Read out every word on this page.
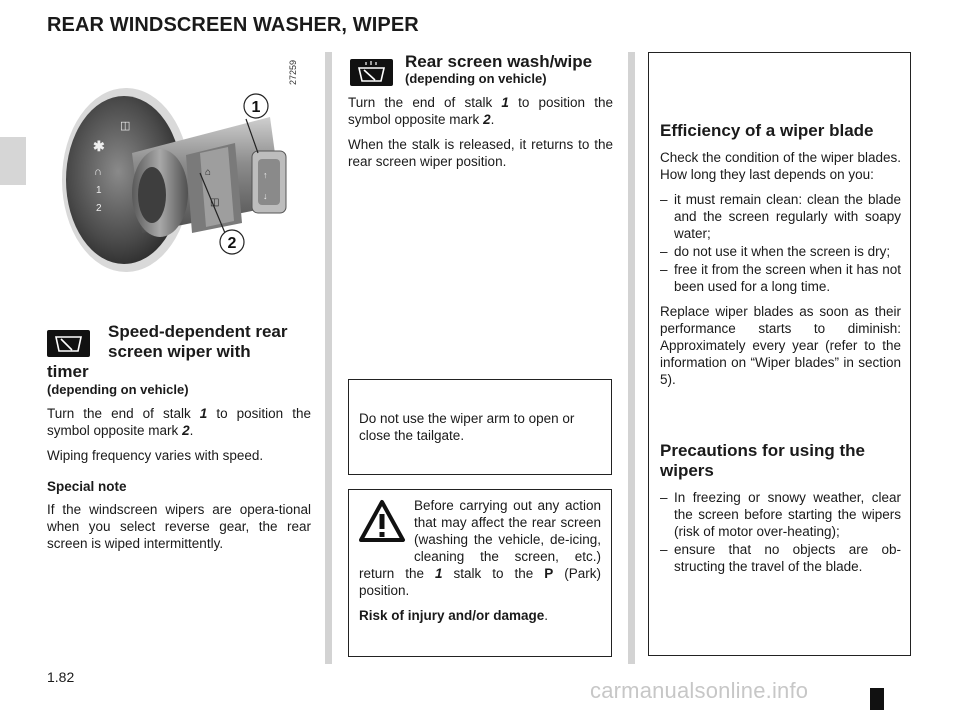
REAR WINDSCREEN WASHER, WIPER
✱
∩
1
2
◫
⌂
◫
↑
↓
1
2
27259
Speed-dependent rear
screen wiper with
timer
(depending on vehicle)

Turn the end of stalk 1 to position the symbol opposite mark 2.

Wiping frequency varies with speed.

Special note

If the windscreen wipers are opera-tional when you select reverse gear, the rear screen is wiped intermittently.

Rear screen wash/wipe
(depending on vehicle)

Turn the end of stalk 1 to position the symbol opposite mark 2.

When the stalk is released, it returns to the rear screen wiper position.

Do not use the wiper arm to open or close the tailgate.
Before carrying out any action that may affect the rear screen (washing the vehicle, de-icing, cleaning the screen, etc.) return the 1 stalk to the P (Park) position.
Risk of injury and/or damage.
Efficiency of a wiper blade

Check the condition of the wiper blades. How long they last depends on you:

– it must remain clean: clean the blade and the screen regularly with soapy water;
– do not use it when the screen is dry;
– free it from the screen when it has not been used for a long time.

Replace wiper blades as soon as their performance starts to diminish: Approximately every year (refer to the information on “Wiper blades” in section 5).

Precautions for using the
wipers
– In freezing or snowy weather, clear the screen before starting the wipers (risk of motor over-heating);
– ensure that no objects are ob-structing the travel of the blade.
1.82
carmanualsonline.info
